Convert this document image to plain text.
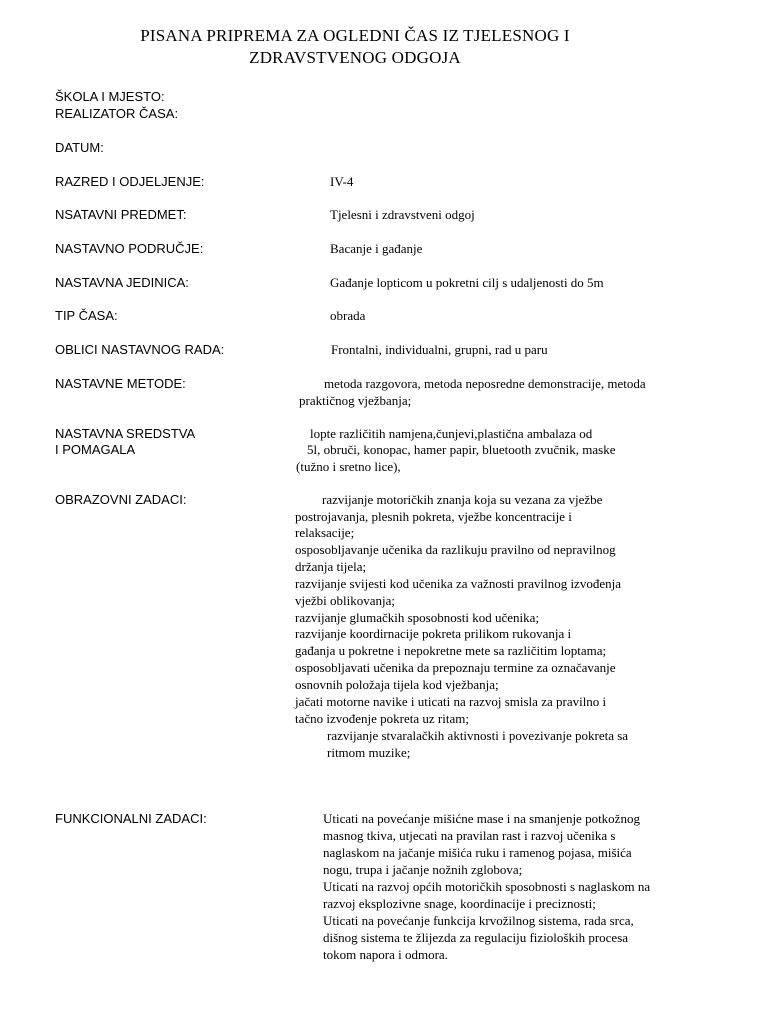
PISANA PRIPREMA ZA OGLEDNI ČAS IZ TJELESNOG I
ZDRAVSTVENOG ODGOJA
ŠKOLA I MJESTO:
REALIZATOR ČASA:
DATUM:
RAZRED I ODJELJENJE:	IV-4
NSATAVNI PREDMET:	Tjelesni i zdravstveni odgoj
NASTAVNO PODRUČJE:	Bacanje i gađanje
NASTAVNA JEDINICA:	Gađanje lopticom u pokretni cilj s udaljenosti do 5m
TIP ČASA:	obrada
OBLICI NASTAVNOG RADA:	Frontalni, individualni, grupni, rad u paru
NASTAVNE METODE:	metoda razgovora, metoda neposredne demonstracije, metoda
praktičnog vježbanja;
NASTAVNA SREDSTVA
I POMAGALA
lopte različitih namjena,čunjevi,plastična ambalaza od
5l, obruči, konopac, hamer papir, bluetooth zvučnik, maske
(tužno i sretno lice),
OBRAZOVNI ZADACI:	razvijanje motoričkih znanja koja su vezana za vježbe
postrojavanja, plesnih pokreta, vježbe koncentracije i
relaksacije;
osposobljavanje učenika da razlikuju pravilno od nepravilnog
držanja tijela;
razvijanje svijesti kod učenika za važnosti pravilnog izvođenja
vježbi oblikovanja;
razvijanje glumačkih sposobnosti kod učenika;
razvijanje koordirnacije pokreta prilikom rukovanja i
gađanja u pokretne i nepokretne mete sa različitim loptama;
osposobljavati učenika da prepoznaju termine za označavanje
osnovnih položaja tijela kod vježbanja;
jačati motorne navike i uticati na razvoj smisla za pravilno i
tačno izvođenje pokreta uz ritam;
razvijanje stvaralačkih aktivnosti i povezivanje pokreta sa
ritmom muzike;
FUNKCIONALNI ZADACI:	Uticati na povećanje mišićne mase i na smanjenje potkožnog
masnog tkiva, utjecati na pravilan rast i razvoj učenika s
naglaskom na jačanje mišića ruku i ramenog pojasa, mišića
nogu, trupa i jačanje nožnih zglobova;
Uticati na razvoj općih motoričkih sposobnosti s naglaskom na
razvoj eksplozivne snage, koordinacije i preciznosti;
Uticati na povećanje funkcija krvožilnog sistema, rada srca,
dišnog sistema te žlijezda za regulaciju fizioloških procesa
tokom napora i odmora.
